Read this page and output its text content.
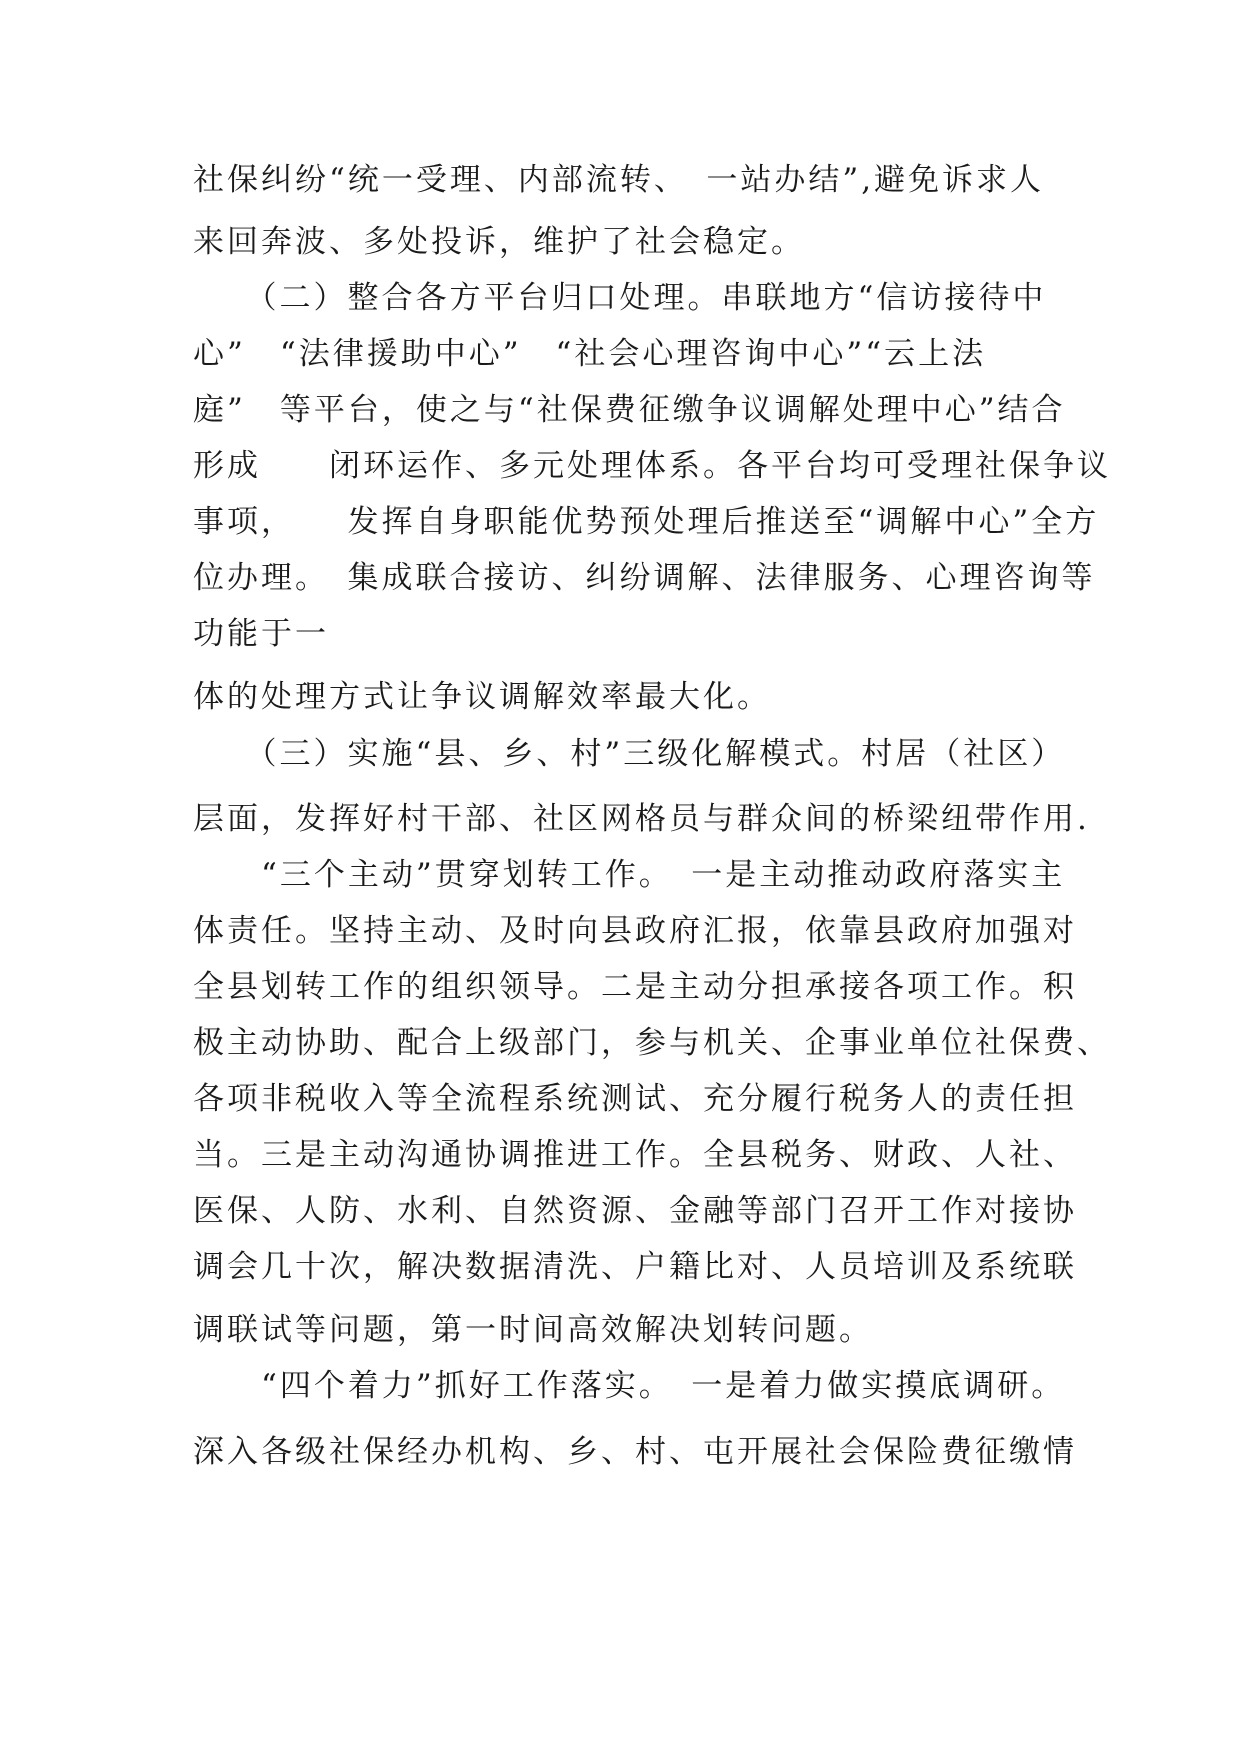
社保纠纷“统一受理、内部流转、　一站办结”,避免诉求人
来回奔波、多处投诉，维护了社会稳定。
　　（二）整合各方平台归口处理。串联地方“信访接待中
心”　“法律援助中心”　“社会心理咨询中心”“云上法
庭”　等平台，使之与“社保费征缴争议调解处理中心”结合
形成　　闭环运作、多元处理体系。各平台均可受理社保争议
事项，　　发挥自身职能优势预处理后推送至“调解中心”全方
位办理。　集成联合接访、纠纷调解、法律服务、心理咨询等
功能于一
体的处理方式让争议调解效率最大化。
　　（三）实施“县、乡、村”三级化解模式。村居（社区）
层面，发挥好村干部、社区网格员与群众间的桥梁纽带作用.
　　“三个主动”贯穿划转工作。　一是主动推动政府落实主
体责任。坚持主动、及时向县政府汇报，依靠县政府加强对
全县划转工作的组织领导。二是主动分担承接各项工作。积
极主动协助、配合上级部门，参与机关、企事业单位社保费、
各项非税收入等全流程系统测试、充分履行税务人的责任担
当。三是主动沟通协调推进工作。全县税务、财政、人社、
医保、人防、水利、自然资源、金融等部门召开工作对接协
调会几十次，解决数据清洗、户籍比对、人员培训及系统联
调联试等问题，第一时间高效解决划转问题。
　　“四个着力”抓好工作落实。　一是着力做实摸底调研。
深入各级社保经办机构、乡、村、屯开展社会保险费征缴情
